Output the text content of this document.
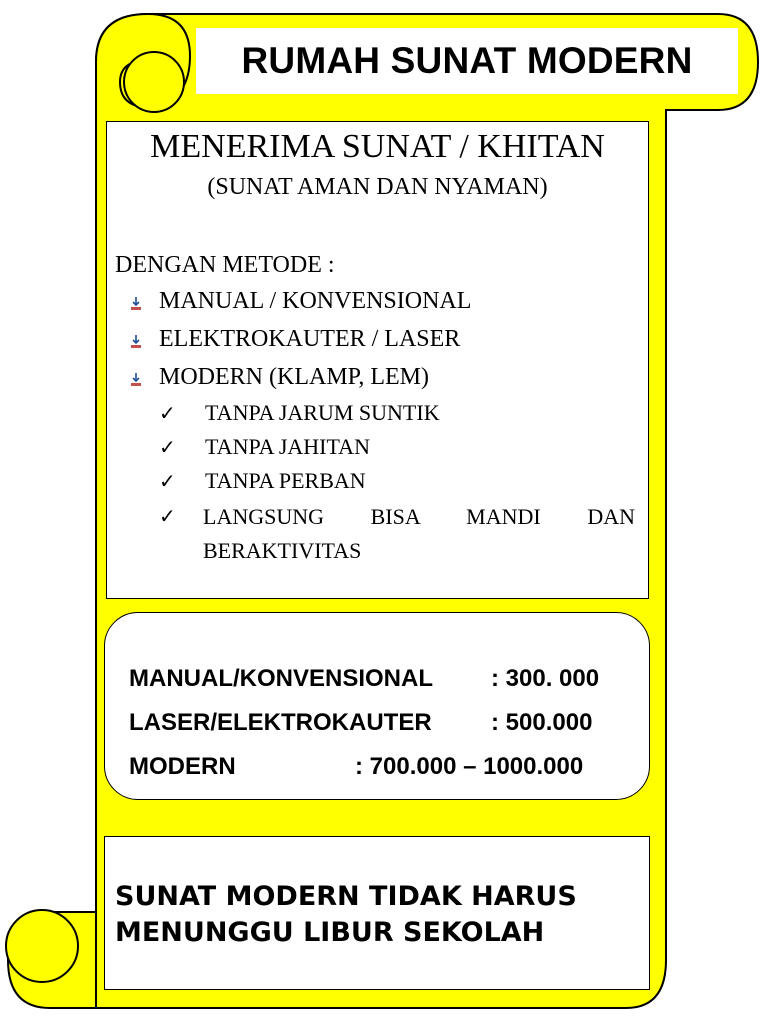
RUMAH SUNAT MODERN
MENERIMA SUNAT / KHITAN
(SUNAT AMAN DAN NYAMAN)
DENGAN METODE :
MANUAL / KONVENSIONAL
ELEKTROKAUTER / LASER
MODERN (KLAMP, LEM)
✓ TANPA JARUM SUNTIK
✓ TANPA JAHITAN
✓ TANPA PERBAN
✓ LANGSUNG BISA MANDI DAN
BERAKTIVITAS
MANUAL/KONVENSIONAL : 300. 000
LASER/ELEKTROKAUTER : 500.000
MODERN	: 700.000 – 1000.000
SUNAT MODERN TIDAK HARUS
MENUNGGU LIBUR SEKOLAH
